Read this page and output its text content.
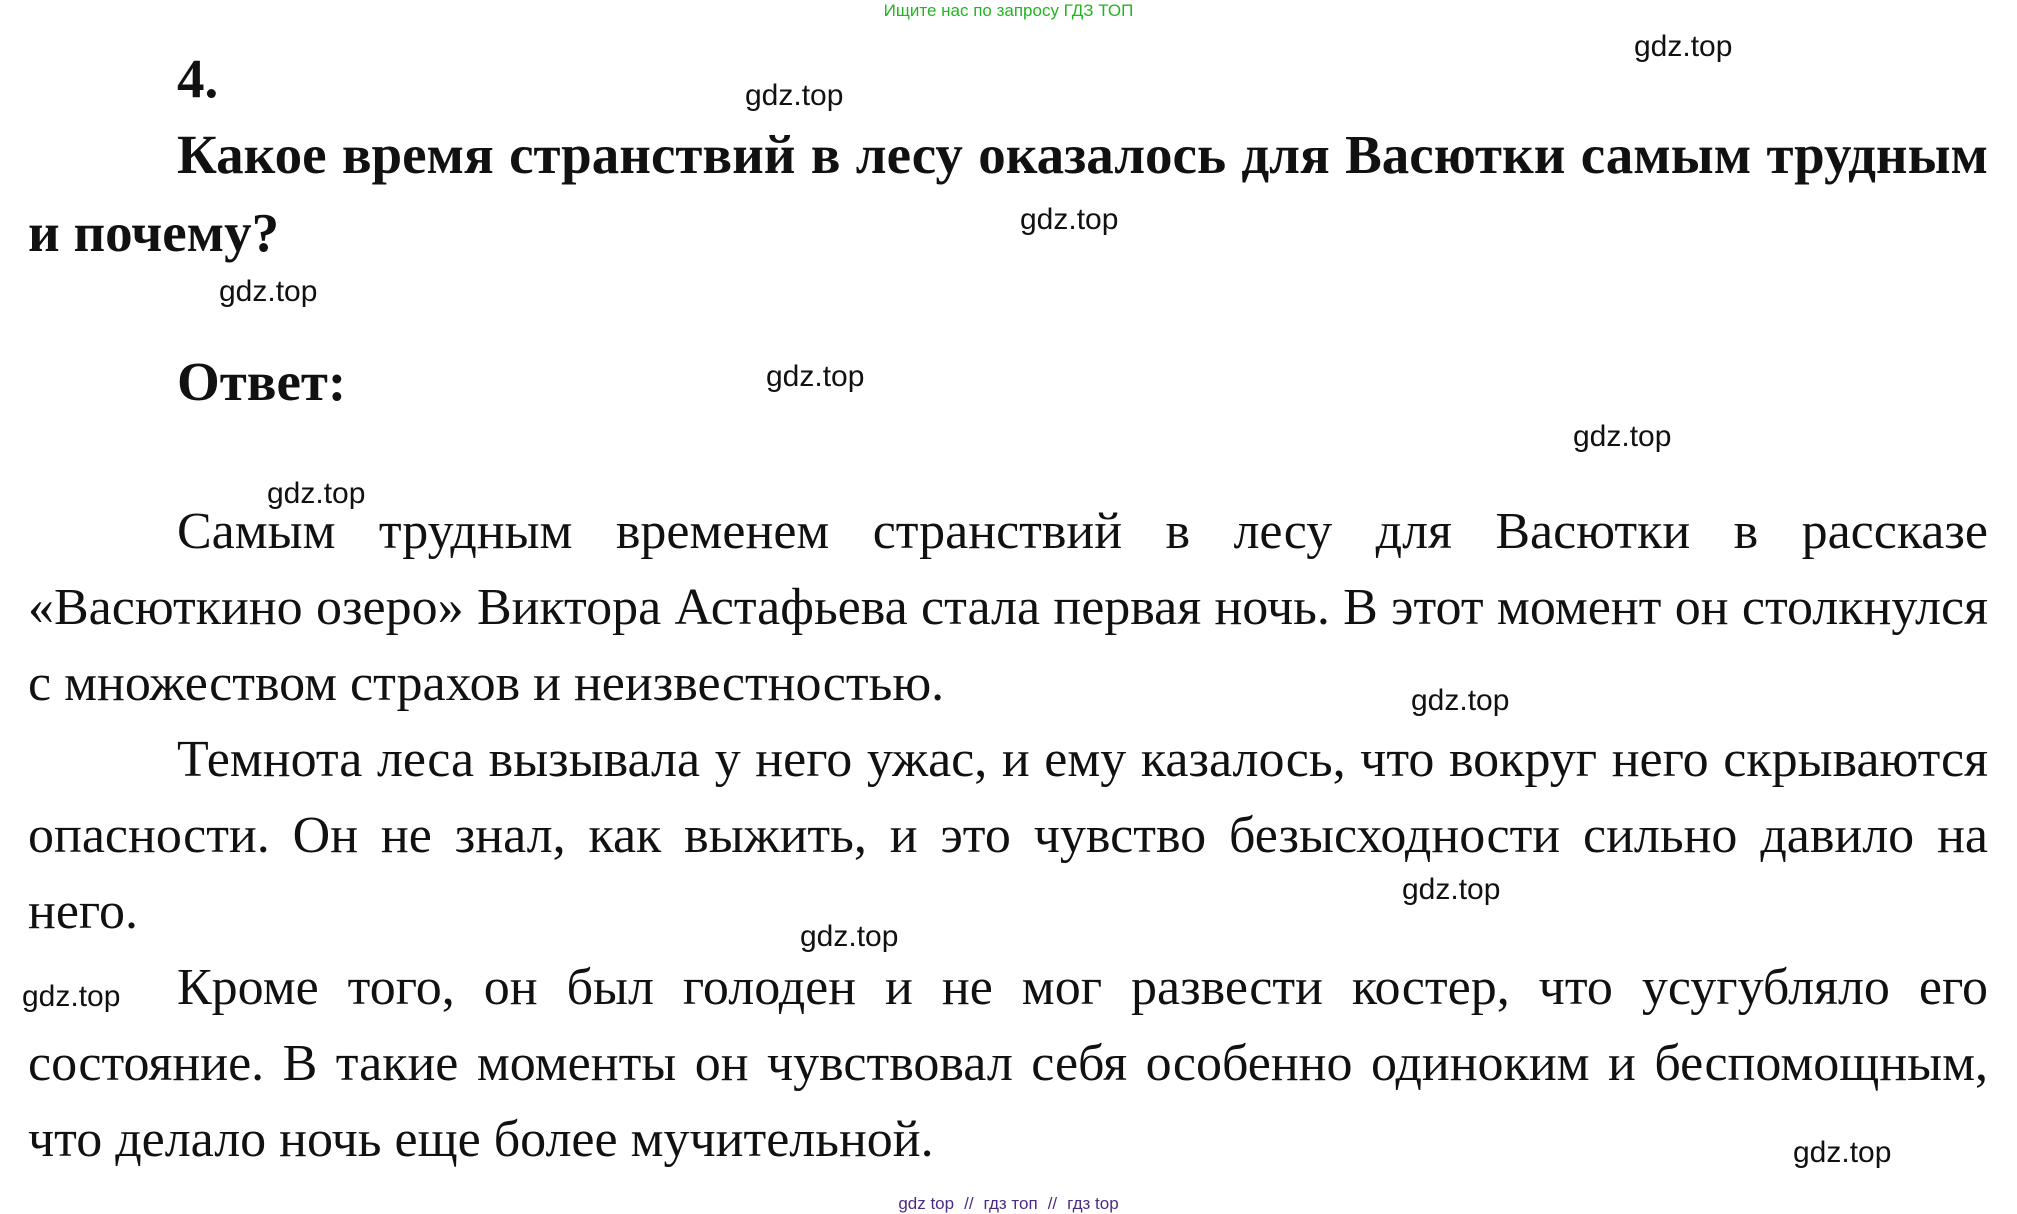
Ищите нас по запросу ГДЗ ТОП
4.
Какое время странствий в лесу оказалось для Васютки самым трудным и почему?
Ответ:

Самым трудным временем странствий в лесу для Васютки в рассказе «Васюткино озеро» Виктора Астафьева стала первая ночь. В этот момент он столкнулся с множеством страхов и неизвестностью.

Темнота леса вызывала у него ужас, и ему казалось, что вокруг него скрываются опасности. Он не знал, как выжить, и это чувство безысходности сильно давило на него.

Кроме того, он был голоден и не мог развести костер, что усугубляло его состояние. В такие моменты он чувствовал себя особенно одиноким и беспомощным, что делало ночь еще более мучительной.

gdz.top
gdz.top
gdz.top
gdz.top
gdz.top
gdz.top
gdz.top
gdz.top
gdz.top
gdz.top
gdz.top
gdz.top
gdz top // гдз топ // гдз top
